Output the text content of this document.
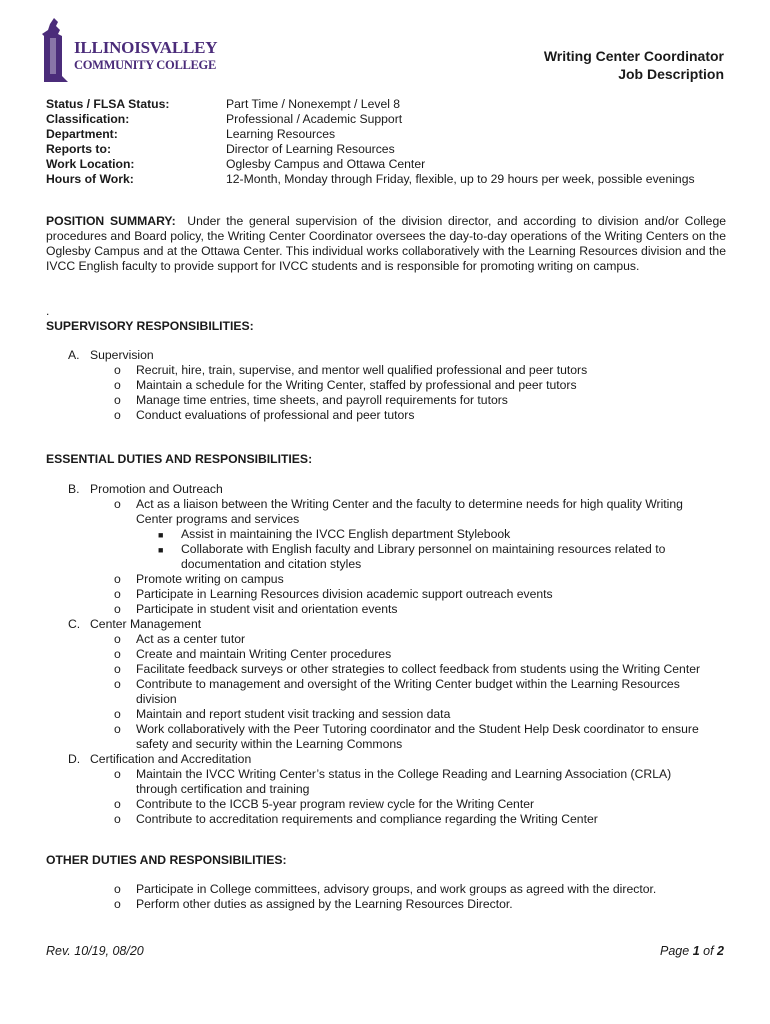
ILLINOISVALLEY
COMMUNITY COLLEGE
Writing Center Coordinator
Job Description
Status / FLSA Status:	Part Time / Nonexempt / Level 8
Classification:	Professional / Academic Support
Department:	Learning Resources
Reports to:	Director of Learning Resources
Work Location:	Oglesby Campus and Ottawa Center
Hours of Work:	12-Month, Monday through Friday, flexible, up to 29 hours per week, possible evenings
POSITION SUMMARY: Under the general supervision of the division director, and according to division and/or College procedures and Board policy, the Writing Center Coordinator oversees the day-to-day operations of the Writing Centers on the Oglesby Campus and at the Ottawa Center. This individual works collaboratively with the Learning Resources division and the IVCC English faculty to provide support for IVCC students and is responsible for promoting writing on campus.
.
SUPERVISORY RESPONSIBILITIES:
A. Supervision
o Recruit, hire, train, supervise, and mentor well qualified professional and peer tutors
o Maintain a schedule for the Writing Center, staffed by professional and peer tutors
o Manage time entries, time sheets, and payroll requirements for tutors
o Conduct evaluations of professional and peer tutors
ESSENTIAL DUTIES AND RESPONSIBILITIES:
B. Promotion and Outreach
o Act as a liaison between the Writing Center and the faculty to determine needs for high quality Writing
Center programs and services
■ Assist in maintaining the IVCC English department Stylebook
■ Collaborate with English faculty and Library personnel on maintaining resources related to
documentation and citation styles
o Promote writing on campus
o Participate in Learning Resources division academic support outreach events
o Participate in student visit and orientation events
C. Center Management
o Act as a center tutor
o Create and maintain Writing Center procedures
o Facilitate feedback surveys or other strategies to collect feedback from students using the Writing Center
o Contribute to management and oversight of the Writing Center budget within the Learning Resources
division
o Maintain and report student visit tracking and session data
o Work collaboratively with the Peer Tutoring coordinator and the Student Help Desk coordinator to ensure
safety and security within the Learning Commons
D. Certification and Accreditation
o Maintain the IVCC Writing Center’s status in the College Reading and Learning Association (CRLA)
through certification and training
o Contribute to the ICCB 5-year program review cycle for the Writing Center
o Contribute to accreditation requirements and compliance regarding the Writing Center
OTHER DUTIES AND RESPONSIBILITIES:
o Participate in College committees, advisory groups, and work groups as agreed with the director.
o Perform other duties as assigned by the Learning Resources Director.
Rev. 10/19, 08/20	Page 1 of 2
